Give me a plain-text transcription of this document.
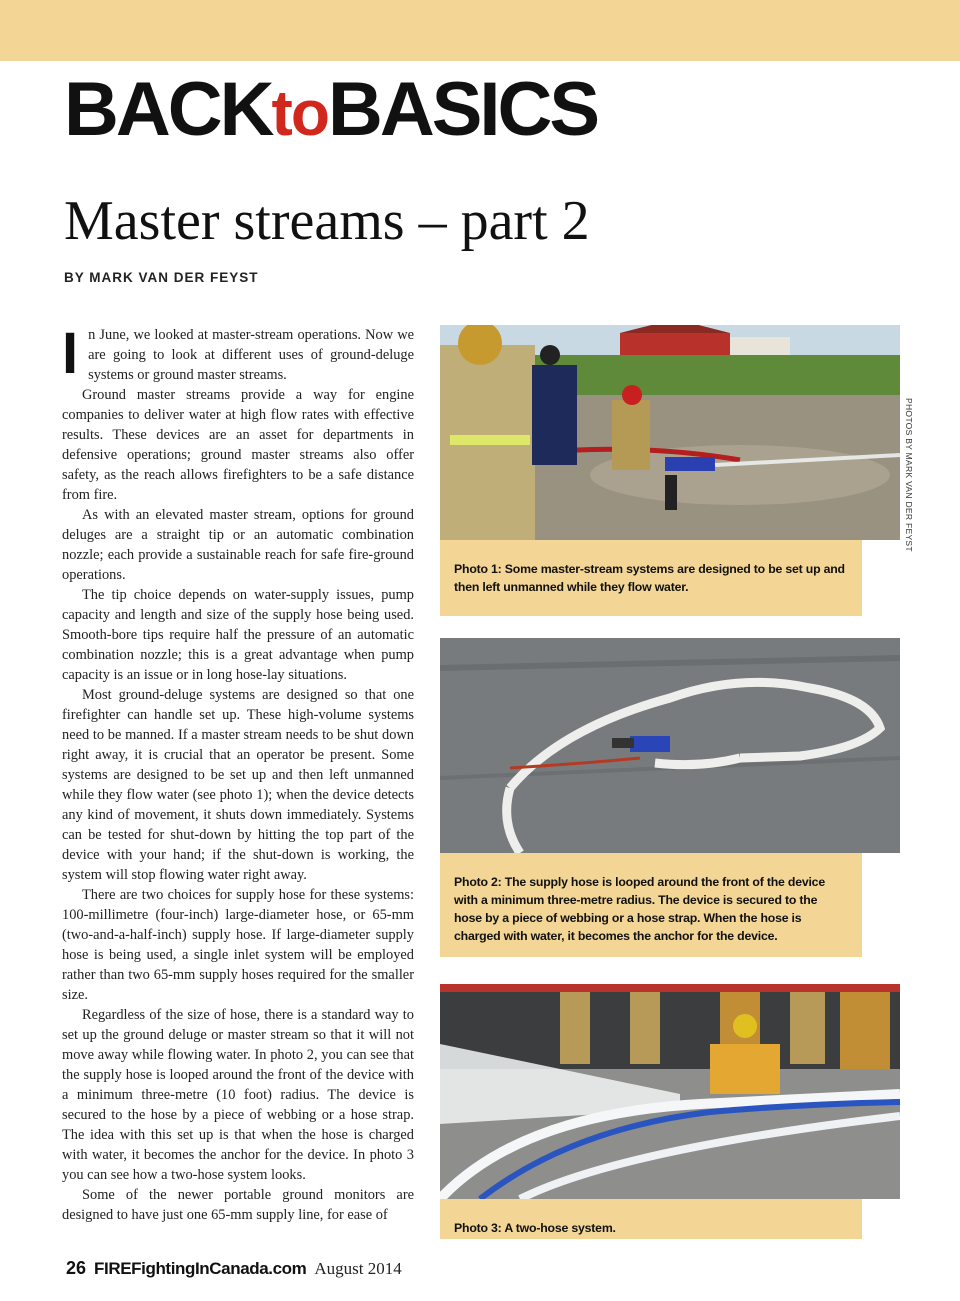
BACKtoBASICS
Master streams – part 2
BY MARK VAN DER FEYST

In June, we looked at master-stream operations. Now we are going to look at different uses of ground-deluge systems or ground master streams.

Ground master streams provide a way for engine companies to deliver water at high flow rates with effective results. These devices are an asset for departments in defensive operations; ground master streams also offer safety, as the reach allows firefighters to be a safe distance from fire.

As with an elevated master stream, options for ground deluges are a straight tip or an automatic combination nozzle; each provide a sustainable reach for safe fire-ground operations.

The tip choice depends on water-supply issues, pump capacity and length and size of the supply hose being used. Smooth-bore tips require half the pressure of an automatic combination nozzle; this is a great advantage when pump capacity is an issue or in long hose-lay situations.

Most ground-deluge systems are designed so that one firefighter can handle set up. These high-volume systems need to be manned. If a master stream needs to be shut down right away, it is crucial that an operator be present. Some systems are designed to be set up and then left unmanned while they flow water (see photo 1); when the device detects any kind of movement, it shuts down immediately. Systems can be tested for shut-down by hitting the top part of the device with your hand; if the shut-down is working, the system will stop flowing water right away.

There are two choices for supply hose for these systems: 100-millimetre (four-inch) large-diameter hose, or 65-mm (two-and-a-half-inch) supply hose. If large-diameter supply hose is being used, a single inlet system will be employed rather than two 65-mm supply hoses required for the smaller size.

Regardless of the size of hose, there is a standard way to set up the ground deluge or master stream so that it will not move away while flowing water. In photo 2, you can see that the supply hose is looped around the front of the device with a minimum three-metre (10 foot) radius. The device is secured to the hose by a piece of webbing or a hose strap. The idea with this set up is that when the hose is charged with water, it becomes the anchor for the device. In photo 3 you can see how a two-hose system looks.

Some of the newer portable ground monitors are designed to have just one 65-mm supply line, for ease of

PHOTOS BY MARK VAN DER FEYST
Photo 1: Some master-stream systems are designed to be set up and then left unmanned while they flow water.
Photo 2: The supply hose is looped around the front of the device with a minimum three-metre radius. The device is secured to the hose by a piece of webbing or a hose strap. When the hose is charged with water, it becomes the anchor for the device.
Photo 3: A two-hose system.
26 FIREFightingInCanada.com August 2014
